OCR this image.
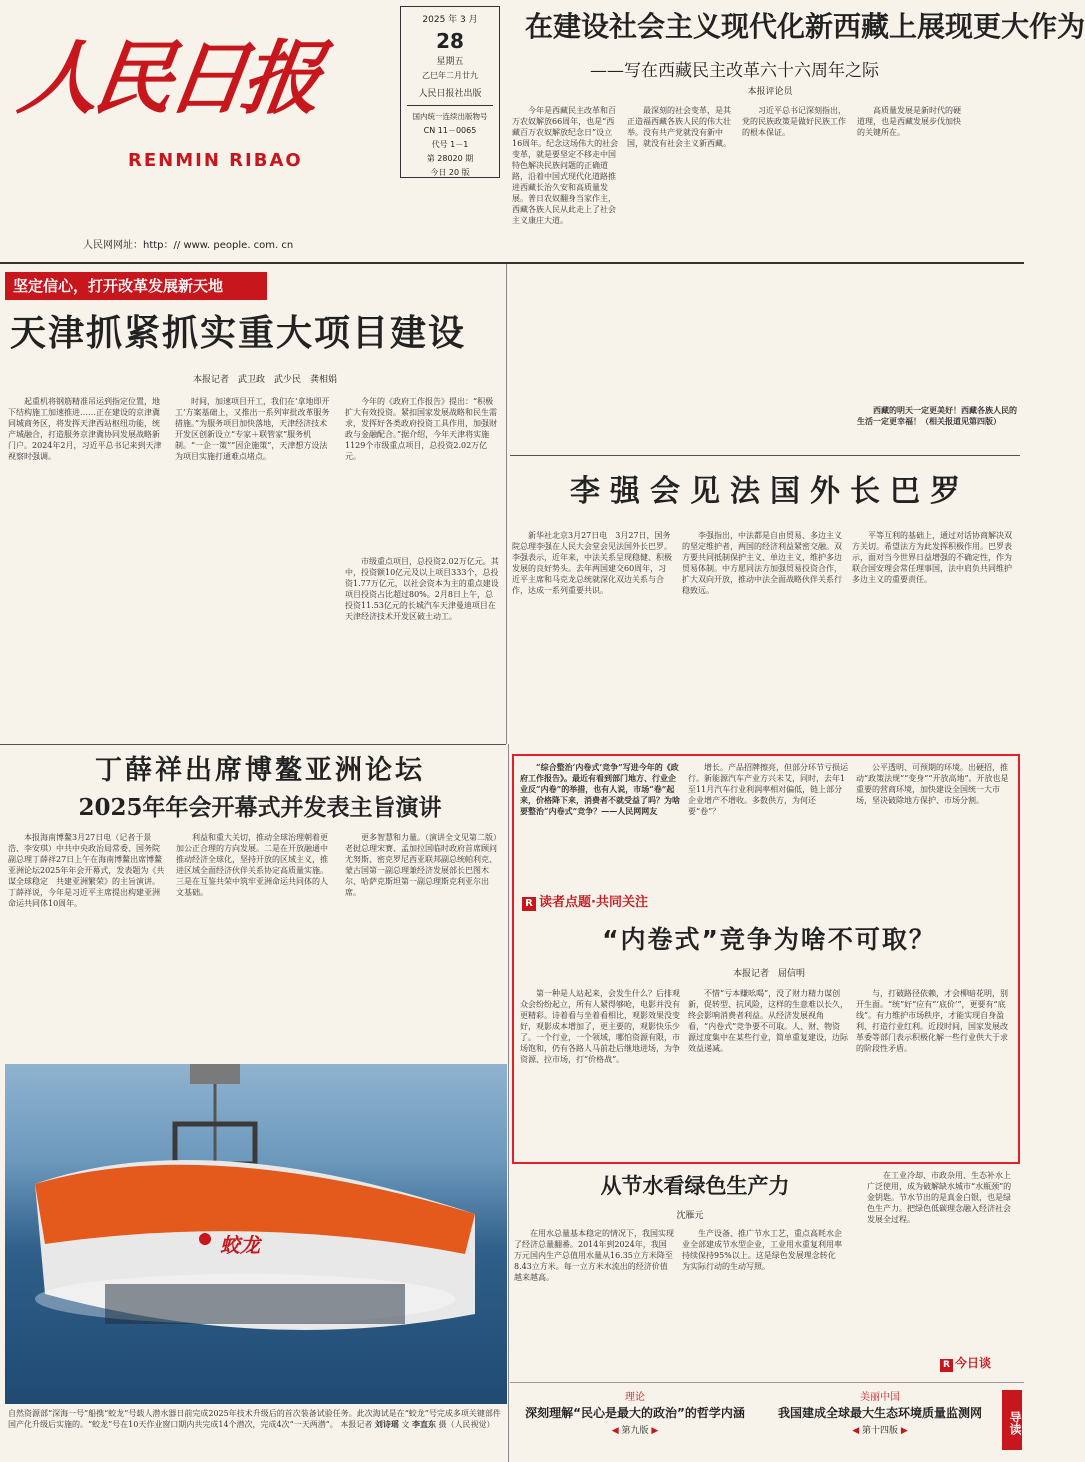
人民日报
RENMIN RIBAO
人民网网址：http：// www. people. com. cn
2025 年 3 月
28
星期五
乙巳年二月廿九
人民日报社出版
国内统一连续出版物号
CN 11－0065
代号 1－1
第 28020 期
今日 20 版
在建设社会主义现代化新西藏上展现更大作为
——写在西藏民主改革六十六周年之际
本报评论员

今年是西藏民主改革和百万农奴解放66周年，也是“西藏百万农奴解放纪念日”设立16周年。纪念这场伟大的社会变革，就是要坚定不移走中国特色解决民族问题的正确道路，沿着中国式现代化道路推进西藏长治久安和高质量发展。普日农奴翻身当家作主，西藏各族人民从此走上了社会主义康庄大道。

最深刻的社会变革，是其正造福西藏各族人民的伟大壮举。没有共产党就没有新中国，就没有社会主义新西藏。

习近平总书记深刻指出，党的民族政策是做好民族工作的根本保证。

高质量发展是新时代的硬道理，也是西藏发展步伐加快的关键所在。

西藏的明天一定更美好！西藏各族人民的生活一定更幸福！（相关报道见第四版）

坚定信心，打开改革发展新天地
天津抓紧抓实重大项目建设
本报记者　武卫政　武少民　龚相娟

起重机将钢筋精准吊运到指定位置，地下结构施工加速推进……正在建设的京津冀同城商务区，将发挥天津西站枢纽功能，统产城融合，打造服务京津冀协同发展战略新门户。2024年2月，习近平总书记来到天津视察时强调。

时间，加速项目开工，我们在‘拿地即开工’方案基础上，又推出一系列审批改革服务措施。”为服务项目加快落地，天津经济技术开发区创新设立“专家＋联管家”服务机制。“一企一策”“因企施策”，天津想方设法为项目实施打通难点堵点。

今年的《政府工作报告》提出：“积极扩大有效投资。紧扣国家发展战略和民生需求，发挥好各类政府投资工具作用，加强财政与金融配合。”据介绍，今年天津将实施1129个市级重点项目，总投资2.02万亿元。

市级重点项目，总投资2.02万亿元。其中，投资额10亿元及以上项目333个，总投资1.77万亿元，以社会资本为主的重点建设项目投资占比超过80%。2月8日上午，总投资11.53亿元的长城汽车天津曼迪项目在天津经济技术开发区破土动工。

李强会见法国外长巴罗

新华社北京3月27日电　3月27日，国务院总理李强在人民大会堂会见法国外长巴罗。李强表示，近年来，中法关系呈现稳健、积极发展的良好势头。去年两国建交60周年，习近平主席和马克龙总统就深化双边关系与合作，达成一系列重要共识。

李强指出，中法都是自由贸易、多边主义的坚定维护者，两国的经济利益紧密交融。双方要共同抵制保护主义、单边主义，维护多边贸易体制。中方愿同法方加强贸易投资合作，扩大双向开放，推动中法全面战略伙伴关系行稳致远。

平等互利的基础上，通过对话协商解决双方关切。希望法方为此发挥积极作用。巴罗表示，面对当今世界日益增强的不确定性，作为联合国安理会常任理事国，法中肩负共同维护多边主义的重要责任。

丁薛祥出席博鳌亚洲论坛
2025年年会开幕式并发表主旨演讲

本报海南博鳌3月27日电（记者于景浩、李安琪）中共中央政治局常委、国务院副总理丁薛祥27日上午在海南博鳌出席博鳌亚洲论坛2025年年会开幕式，发表题为《共谋全球稳定　共建亚洲繁荣》的主旨演讲。丁薛祥说，今年是习近平主席提出构建亚洲命运共同体10周年。

利益和重大关切，推动全球治理朝着更加公正合理的方向发展。二是在开放融通中推动经济全球化，坚持开放的区域主义，推进区域全面经济伙伴关系协定高质量实施。三是在互鉴共荣中筑牢亚洲命运共同体的人文基础。

更多智慧和力量。（演讲全文见第二版）老挝总理宋赛、孟加拉国临时政府首席顾问尤努斯、密克罗尼西亚联邦副总统帕利克、蒙古国第一副总理兼经济发展部长巴图木尔、哈萨克斯坦第一副总理斯克利亚尔出席。

蛟龙
自然资源部“深海一号”船携“蛟龙”号载人潜水器日前完成2025年技术升级后的首次装备试验任务。此次海试是在“蛟龙”号完成多项关键部件国产化升级后实施的。“蛟龙”号在10天作业窗口期内共完成14个潜次，完成4次“一天两潜”。 本报记者 刘诗瑶 文 李直东 摄（人民视觉）
“综合整治‘内卷式’竞争”写进今年的《政府工作报告》。最近有看到部门地方、行业企业反“内卷”的举措，也有人说，市场“卷”起来，价格降下来，消费者不就受益了吗？为啥要整治“内卷式”竞争？——人民网网友

增长。产品招牌擦亮，但部分环节亏损运行。新能源汽车产业方兴未艾，同时，去年1至11月汽车行业利润率相对偏低，链上部分企业增产不增收。多数供方，为何还要“卷”？

公平透明、可预期的环境。出硬招，推动“政策法规”“变身”“开放高地”。开放也是重要的营商环境，加快建设全国统一大市场，坚决破除地方保护、市场分割。

R 读者点题·共同关注
“内卷式”竞争为啥不可取？
本报记者　屈信明

第一种是人站起来，会发生什么？后排观众会纷纷起立，所有人紧得够呛，电影并没有更精彩。诗着看与坐着看相比，观影效果没变好，观影成本增加了，更主要的，观影快乐少了。一个行业，一个领域，哪怕资源有限，市场饱和，仍有各路人马前赴后继地进场，为争资源、拉市场，打“价格战”。

不惜“亏本赚吆喝”，没了财力精力谋创新，促转型、抗风险，这样的生意难以长久，终会影响消费者利益。从经济发展视角看，“内卷式”竞争要不可取。人、财、物资源过度集中在某些行业，简单重复建设，边际效益递减。

与，打破路径依赖，才会柳暗花明，别开生面。“统”好“应有”‘底价’”，更要有“底线”。有力维护市场秩序，才能实现自身盈利、打造行业红利。近段时间，国家发展改革委等部门表示积极化解一些行业供大于求的阶段性矛盾。

从节水看绿色生产力
沈雁元

在用水总量基本稳定的情况下，我国实现了经济总量翻番。2014年到2024年，我国万元国内生产总值用水量从16.35立方米降至8.43立方米。每一立方米水流出的经济价值越来越高。

生产设备、推广节水工艺，重点高耗水企业全部建成节水型企业，工业用水重复利用率持续保持95%以上。这是绿色发展理念转化为实际行动的生动写照。

在工业冷却、市政杂用、生态补水上广泛使用，成为破解缺水城市“水瓶颈”的金钥匙。节水节出的是真金白银，也是绿色生产力。把绿色低碳理念融入经济社会发展全过程。

R 今日谈
理论
深刻理解“民心是最大的政治”的哲学内涵
◀ 第九版 ▶
美丽中国
我国建成全球最大生态环境质量监测网
◀ 第十四版 ▶	导读
